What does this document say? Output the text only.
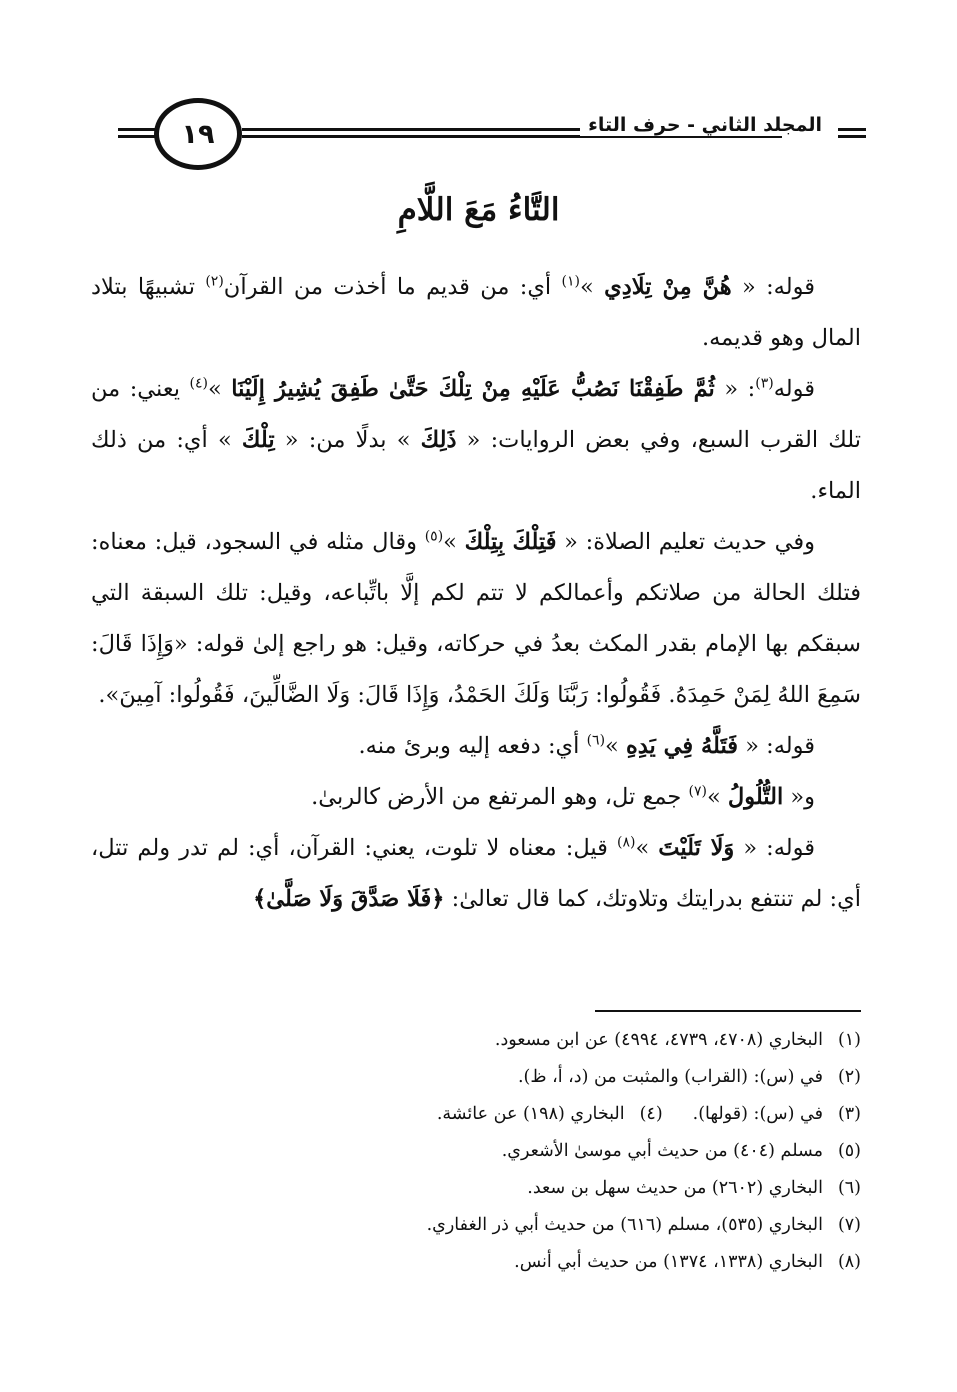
١٩	المجلد الثاني - حرف التاء
التَّاءُ مَعَ اللَّامِ

قوله: « هُنَّ مِنْ تِلَادِي »$^{(١)}$ أي: من قديم ما أخذت من القرآن$^{(٢)}$ تشبيهًا بتلاد المال وهو قديمه.

قوله$^{(٣)}$: « ثُمَّ طَفِقْنَا نَصُبُّ عَلَيْهِ مِنْ تِلْكَ حَتَّىٰ طَفِقَ يُشِيرُ إِلَيْنَا »$^{(٤)}$ يعني: من تلك القرب السبع، وفي بعض الروايات: « ذَلِكَ » بدلًا من: « تِلْكَ » أي: من ذلك الماء.

وفي حديث تعليم الصلاة: « فَتِلْكَ بِتِلْكَ »$^{(٥)}$ وقال مثله في السجود، قيل: معناه: فتلك الحالة من صلاتكم وأعمالكم لا تتم لكم إلَّا باتِّباعه، وقيل: تلك السبقة التي سبقكم بها الإمام بقدر المكث بعدُ في حركاته، وقيل: هو راجع إلىٰ قوله: «وَإِذَا قَالَ: سَمِعَ اللهُ لِمَنْ حَمِدَهُ. فَقُولُوا: رَبَّنَا وَلَكَ الحَمْدُ، وَإِذَا قَالَ: وَلَا الضَّالِّينَ، فَقُولُوا: آمِينَ».

قوله: « فَتَلَّهُ فِي يَدِهِ »$^{(٦)}$ أي: دفعه إليه وبرئ منه.

و« التُّلُولُ »$^{(٧)}$ جمع تل، وهو المرتفع من الأرض كالربىٰ.

قوله: « وَلَا تَلَيْتَ »$^{(٨)}$ قيل: معناه لا تلوت، يعني: القرآن، أي: لم تدر ولم تتل، أي: لم تنتفع بدرايتك وتلاوتك، كما قال تعالىٰ: ﴿فَلَا صَدَّقَ وَلَا صَلَّىٰ﴾

(١)
البخاري (٤٧٠٨، ٤٧٣٩، ٤٩٩٤) عن ابن مسعود.
(٢)
في (س): (القراب) والمثبت من (د، أ، ظ).
(٣)
في (س): (قولها).
(٤)
البخاري (١٩٨) عن عائشة.
(٥)
مسلم (٤٠٤) من حديث أبي موسىٰ الأشعري.
(٦)
البخاري (٢٦٠٢) من حديث سهل بن سعد.
(٧)
البخاري (٥٣٥)، مسلم (٦١٦) من حديث أبي ذر الغفاري.
(٨)
البخاري (١٣٣٨، ١٣٧٤) من حديث أبي أنس.
